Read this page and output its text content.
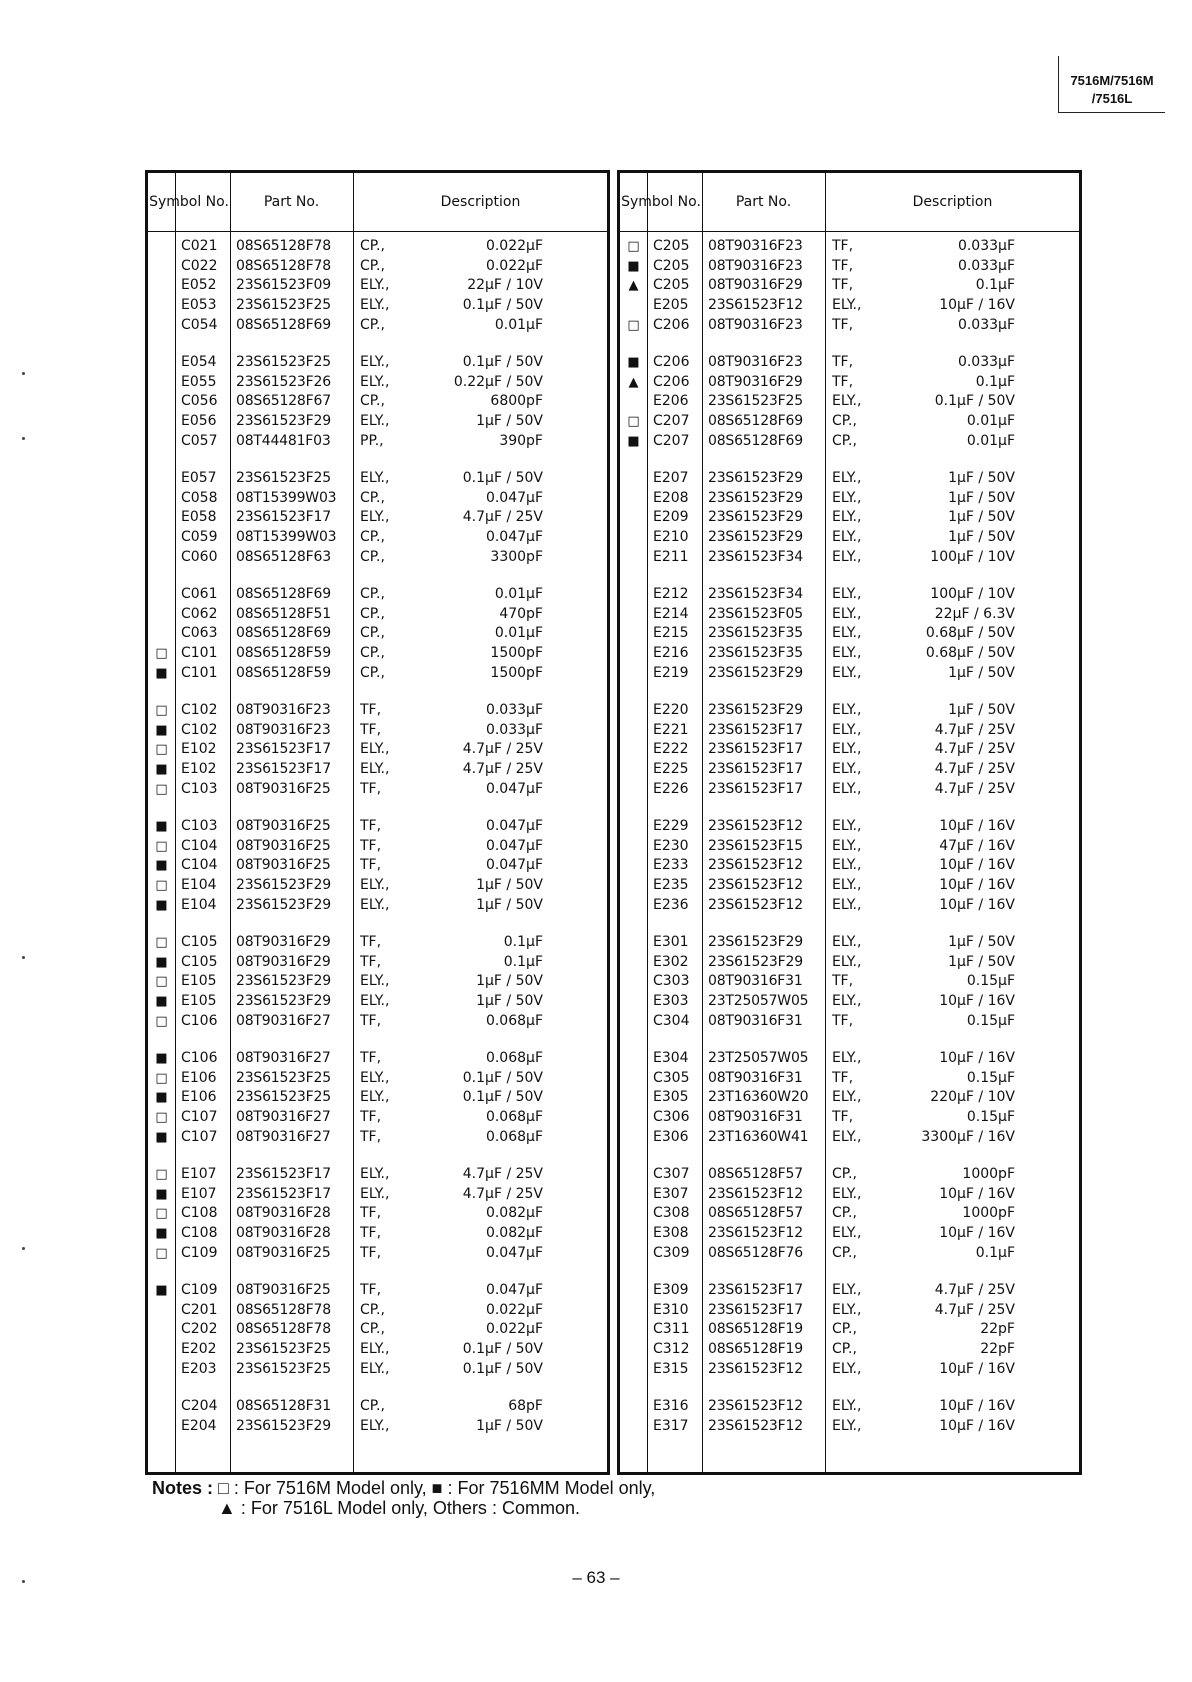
7516M/7516M
/7516L
Symbol No.	Part No.	Description
C021	08S65128F78	CP.,	0.022μF
C022	08S65128F78	CP.,	0.022μF
E052	23S61523F09	ELY.,	22μF / 10V
E053	23S61523F25	ELY.,	0.1μF / 50V
C054	08S65128F69	CP.,	0.01μF
E054	23S61523F25	ELY.,	0.1μF / 50V
E055	23S61523F26	ELY.,	0.22μF / 50V
C056	08S65128F67	CP.,	6800pF
E056	23S61523F29	ELY.,	1μF / 50V
C057	08T44481F03	PP.,	390pF
E057	23S61523F25	ELY.,	0.1μF / 50V
C058	08T15399W03	CP.,	0.047μF
E058	23S61523F17	ELY.,	4.7μF / 25V
C059	08T15399W03	CP.,	0.047μF
C060	08S65128F63	CP.,	3300pF
C061	08S65128F69	CP.,	0.01μF
C062	08S65128F51	CP.,	470pF
C063	08S65128F69	CP.,	0.01μF
□ C101	08S65128F59	CP.,	1500pF
■ C101	08S65128F59	CP.,	1500pF
□ C102	08T90316F23	TF,	0.033μF
■ C102	08T90316F23	TF,	0.033μF
□ E102	23S61523F17	ELY.,	4.7μF / 25V
■ E102	23S61523F17	ELY.,	4.7μF / 25V
□ C103	08T90316F25	TF,	0.047μF
■ C103	08T90316F25	TF,	0.047μF
□ C104	08T90316F25	TF,	0.047μF
■ C104	08T90316F25	TF,	0.047μF
□ E104	23S61523F29	ELY.,	1μF / 50V
■ E104	23S61523F29	ELY.,	1μF / 50V
□ C105	08T90316F29	TF,	0.1μF
■ C105	08T90316F29	TF,	0.1μF
□ E105	23S61523F29	ELY.,	1μF / 50V
■ E105	23S61523F29	ELY.,	1μF / 50V
□ C106	08T90316F27	TF,	0.068μF
■ C106	08T90316F27	TF,	0.068μF
□ E106	23S61523F25	ELY.,	0.1μF / 50V
■ E106	23S61523F25	ELY.,	0.1μF / 50V
□ C107	08T90316F27	TF,	0.068μF
■ C107	08T90316F27	TF,	0.068μF
□ E107	23S61523F17	ELY.,	4.7μF / 25V
■ E107	23S61523F17	ELY.,	4.7μF / 25V
□ C108	08T90316F28	TF,	0.082μF
■ C108	08T90316F28	TF,	0.082μF
□ C109	08T90316F25	TF,	0.047μF
■ C109	08T90316F25	TF,	0.047μF
C201	08S65128F78	CP.,	0.022μF
C202	08S65128F78	CP.,	0.022μF
E202	23S61523F25	ELY.,	0.1μF / 50V
E203	23S61523F25	ELY.,	0.1μF / 50V
C204	08S65128F31	CP.,	68pF
E204	23S61523F29	ELY.,	1μF / 50V
Symbol No.	Part No.	Description
□ C205	08T90316F23	TF,	0.033μF
■ C205	08T90316F23	TF,	0.033μF
▲	C205	08T90316F29	TF,	0.1μF
E205	23S61523F12	ELY.,	10μF / 16V
□ C206	08T90316F23	TF,	0.033μF
■ C206	08T90316F23	TF,	0.033μF
▲	C206	08T90316F29	TF,	0.1μF
E206	23S61523F25	ELY.,	0.1μF / 50V
□ C207	08S65128F69	CP.,	0.01μF
■ C207	08S65128F69	CP.,	0.01μF
E207	23S61523F29	ELY.,	1μF / 50V
E208	23S61523F29	ELY.,	1μF / 50V
E209	23S61523F29	ELY.,	1μF / 50V
E210	23S61523F29	ELY.,	1μF / 50V
E211	23S61523F34	ELY.,	100μF / 10V
E212	23S61523F34	ELY.,	100μF / 10V
E214	23S61523F05	ELY.,	22μF / 6.3V
E215	23S61523F35	ELY.,	0.68μF / 50V
E216	23S61523F35	ELY.,	0.68μF / 50V
E219	23S61523F29	ELY.,	1μF / 50V
E220	23S61523F29	ELY.,	1μF / 50V
E221	23S61523F17	ELY.,	4.7μF / 25V
E222	23S61523F17	ELY.,	4.7μF / 25V
E225	23S61523F17	ELY.,	4.7μF / 25V
E226	23S61523F17	ELY.,	4.7μF / 25V
E229	23S61523F12	ELY.,	10μF / 16V
E230	23S61523F15	ELY.,	47μF / 16V
E233	23S61523F12	ELY.,	10μF / 16V
E235	23S61523F12	ELY.,	10μF / 16V
E236	23S61523F12	ELY.,	10μF / 16V
E301	23S61523F29	ELY.,	1μF / 50V
E302	23S61523F29	ELY.,	1μF / 50V
C303	08T90316F31	TF,	0.15μF
E303	23T25057W05	ELY.,	10μF / 16V
C304	08T90316F31	TF,	0.15μF
E304	23T25057W05	ELY.,	10μF / 16V
C305	08T90316F31	TF,	0.15μF
E305	23T16360W20	ELY.,	220μF / 10V
C306	08T90316F31	TF,	0.15μF
E306	23T16360W41	ELY.,	3300μF / 16V
C307	08S65128F57	CP.,	1000pF
E307	23S61523F12	ELY.,	10μF / 16V
C308	08S65128F57	CP.,	1000pF
E308	23S61523F12	ELY.,	10μF / 16V
C309	08S65128F76	CP.,	0.1μF
E309	23S61523F17	ELY.,	4.7μF / 25V
E310	23S61523F17	ELY.,	4.7μF / 25V
C311	08S65128F19	CP.,	22pF
C312	08S65128F19	CP.,	22pF
E315	23S61523F12	ELY.,	10μF / 16V
E316	23S61523F12	ELY.,	10μF / 16V
E317	23S61523F12	ELY.,	10μF / 16V
Notes : □ : For 7516M Model only, ■ : For 7516MM Model only,
▲ : For 7516L Model only, Others : Common.
– 63 –
